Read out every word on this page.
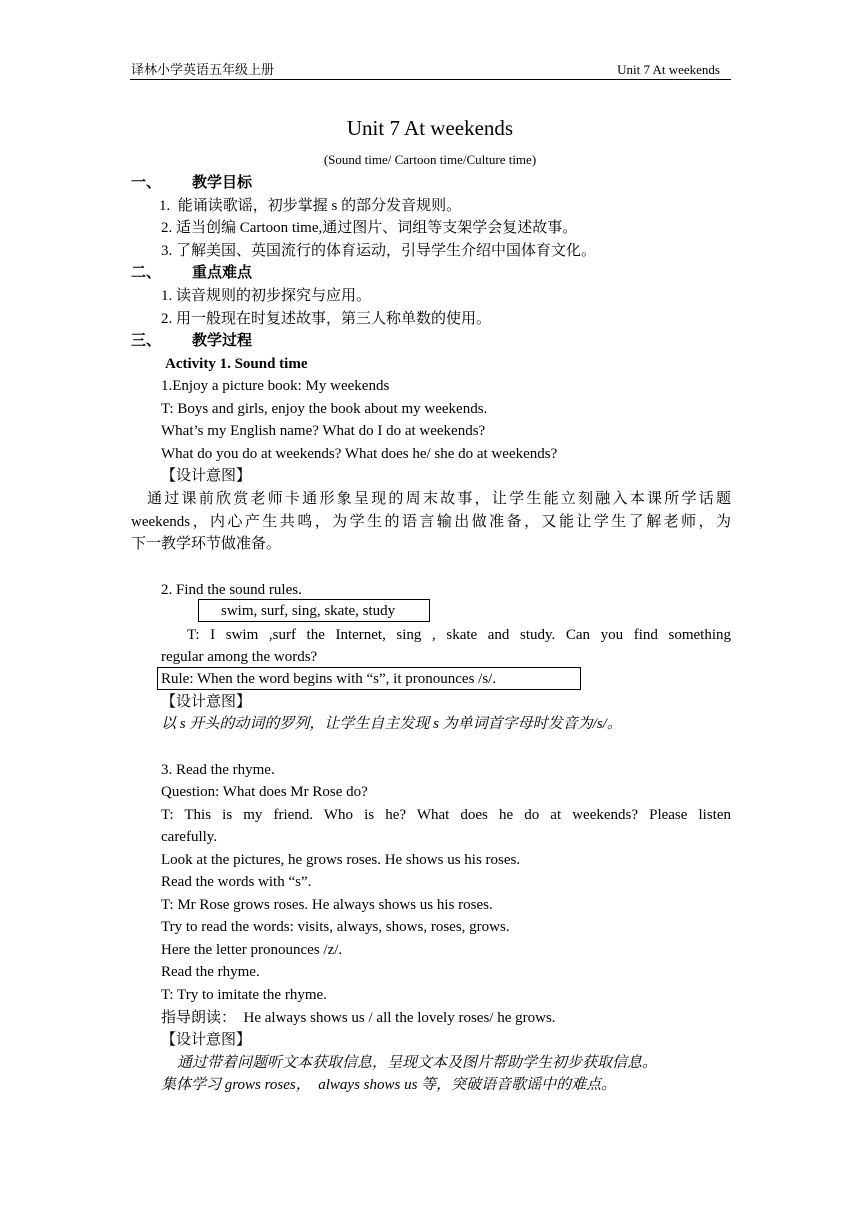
译林小学英语五年级上册	Unit 7 At weekends
Unit 7 At weekends
(Sound time/ Cartoon time/Culture time)
一、 教学目标
1.  能诵读歌谣，初步掌握 s 的部分发音规则。
2. 适当创编 Cartoon time,通过图片、词组等支架学会复述故事。
3. 了解美国、英国流行的体育运动，引导学生介绍中国体育文化。
二、 重点难点
1. 读音规则的初步探究与应用。
2. 用一般现在时复述故事，第三人称单数的使用。
三、 教学过程
Activity 1. Sound time
1.Enjoy a picture book: My weekends
T: Boys and girls, enjoy the book about my weekends.
What’s my English name? What do I do at weekends?
What do you do at weekends? What does he/ she do at weekends?
【设计意图】
通过课前欣赏老师卡通形象呈现的周末故事，让学生能立刻融入本课所学话题
weekends，内心产生共鸣，为学生的语言输出做准备，又能让学生了解老师，为
下一教学环节做准备。
2. Find the sound rules.
swim, surf, sing, skate, study
T: I swim ,surf the Internet, sing , skate and study. Can you find something
regular among the words?
Rule: When the word begins with “s”, it pronounces /s/.
【设计意图】
以 s 开头的动词的罗列，让学生自主发现 s 为单词首字母时发音为/s/。
3. Read the rhyme.
Question: What does Mr Rose do?
T: This is my friend. Who is he? What does he do at weekends? Please listen
carefully.
Look at the pictures, he grows roses. He shows us his roses.
Read the words with “s”.
T: Mr Rose grows roses. He always shows us his roses.
Try to read the words: visits, always, shows, roses, grows.
Here the letter pronounces /z/.
Read the rhyme.
T: Try to imitate the rhyme.
指导朗读：  He always shows us / all the lovely roses/ he grows.
【设计意图】
通过带着问题听文本获取信息，呈现文本及图片帮助学生初步获取信息。
集体学习 grows roses，  always shows us 等，突破语音歌谣中的难点。
